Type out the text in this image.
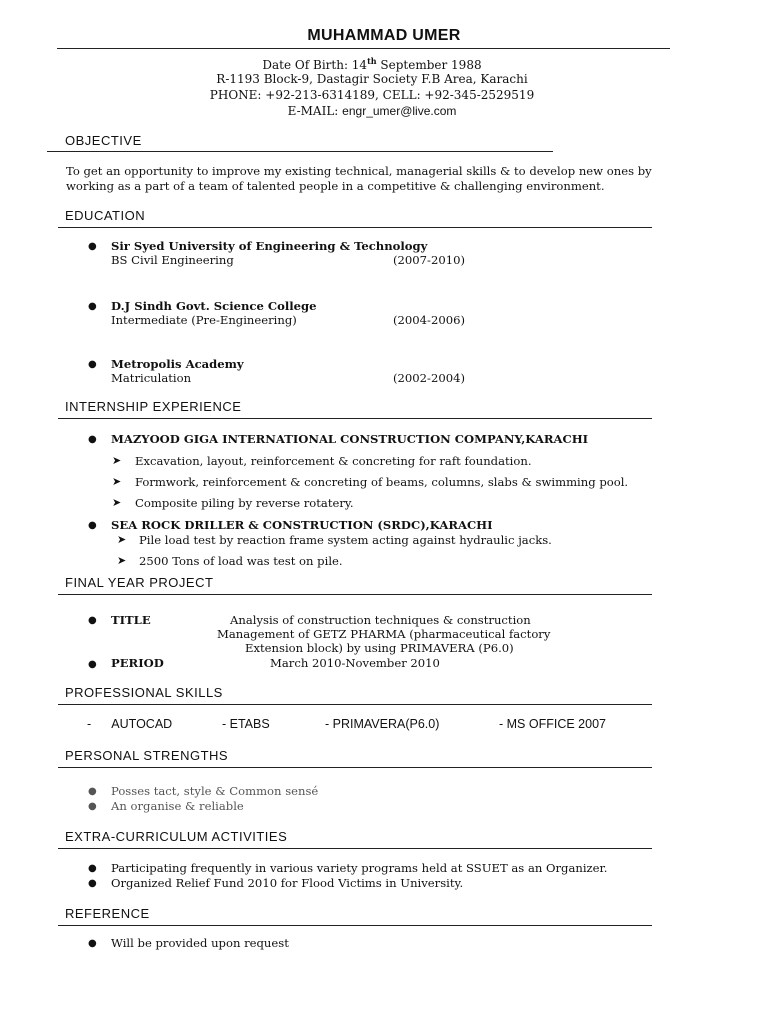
MUHAMMAD UMER
Date Of Birth: 14th September 1988
R-1193 Block-9, Dastagir Society F.B Area, Karachi
PHONE: +92-213-6314189, CELL: +92-345-2529519
E-MAIL: engr_umer@live.com
OBJECTIVE
To get an opportunity to improve my existing technical, managerial skills & to develop new ones by
working as a part of a team of talented people in a competitive & challenging environment.
EDUCATION
● Sir Syed University of Engineering & Technology
BS Civil Engineering	(2007-2010)
● D.J Sindh Govt. Science College
Intermediate (Pre-Engineering)	(2004-2006)
● Metropolis Academy
Matriculation	(2002-2004)
INTERNSHIP EXPERIENCE
● MAZYOOD GIGA INTERNATIONAL CONSTRUCTION COMPANY,KARACHI
➤ Excavation, layout, reinforcement & concreting for raft foundation.
➤ Formwork, reinforcement & concreting of beams, columns, slabs & swimming pool.
➤ Composite piling by reverse rotatery.
● SEA ROCK DRILLER & CONSTRUCTION (SRDC),KARACHI
➤ Pile load test by reaction frame system acting against hydraulic jacks.
➤ 2500 Tons of load was test on pile.
FINAL YEAR PROJECT
● TITLE	Analysis of construction techniques & construction
Management of GETZ PHARMA (pharmaceutical factory
Extension block) by using PRIMAVERA (P6.0)
● PERIOD	March 2010-November 2010
PROFESSIONAL SKILLS
-      AUTOCAD	- ETABS	- PRIMAVERA(P6.0)	- MS OFFICE 2007
PERSONAL STRENGTHS
● Posses tact, style & Common sensé
● An organise & reliable
EXTRA-CURRICULUM ACTIVITIES
● Participating frequently in various variety programs held at SSUET as an Organizer.
● Organized Relief Fund 2010 for Flood Victims in University.
REFERENCE
● Will be provided upon request
